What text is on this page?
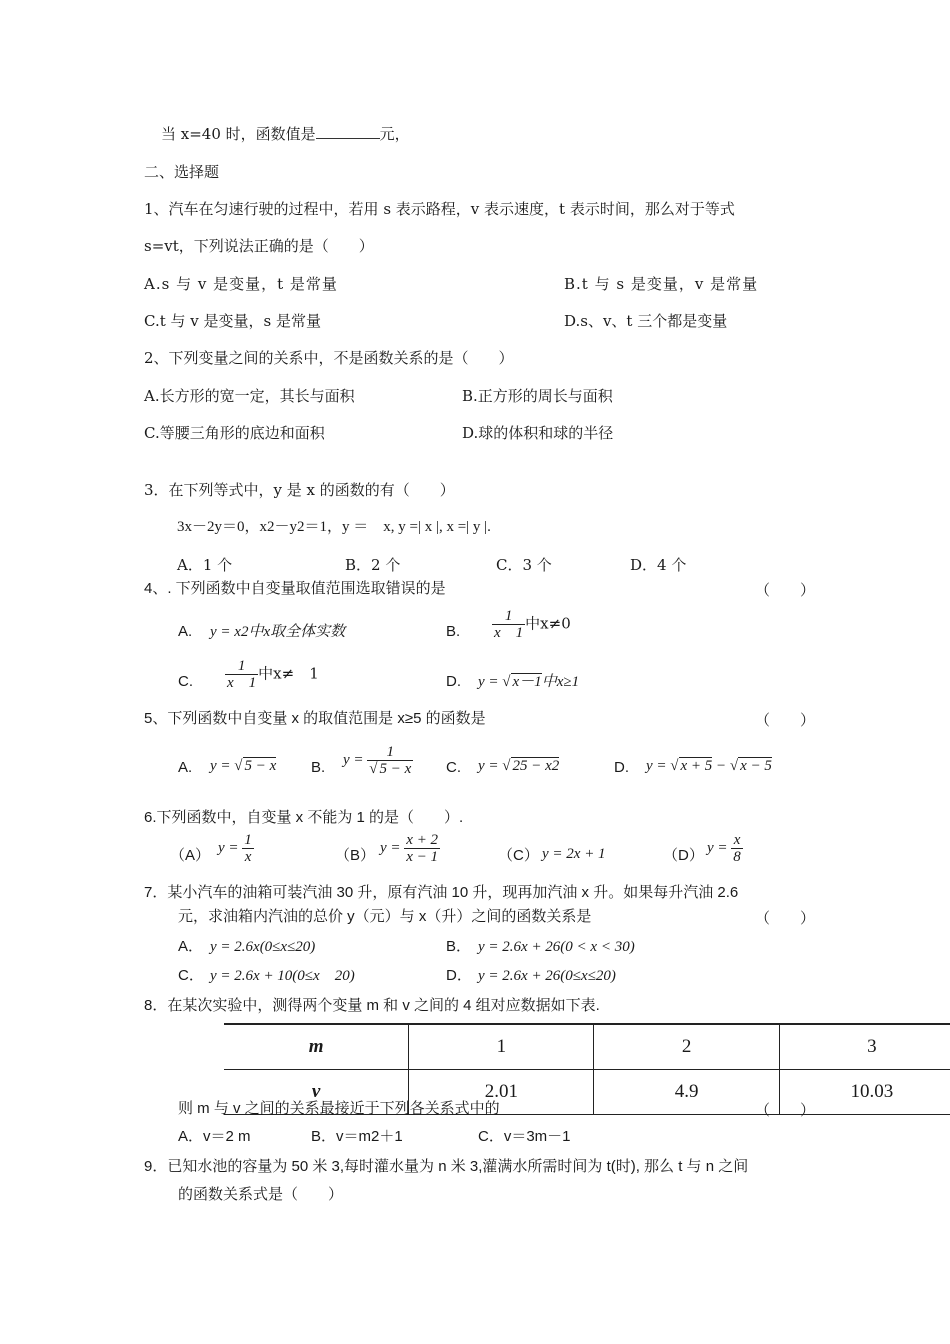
当 x=40 时，函数值是	元，
二、选择题
1、汽车在匀速行驶的过程中，若用 s 表示路程，v 表示速度，t 表示时间，那么对于等式
s=vt，下列说法正确的是（　　）
A.s 与 v 是变量，t 是常量	B.t 与 s 是变量，v 是常量
C.t 与 v 是变量，s 是常量	D.s、v、t 三个都是变量
2、下列变量之间的关系中，不是函数关系的是（　　）
A.长方形的宽一定，其长与面积	B.正方形的周长与面积
C.等腰三角形的底边和面积	D.球的体积和球的半径
3．在下列等式中，y 是 x 的函数的有（　　）
3x－2y＝0，x2－y2＝1，y ＝　x, y =| x |, x =| y |.
A．1 个	B．2 个	C．3 个	D．4 个
4、. 下列函数中自变量取值范围选取错误的是	（　　）
A. y = x2中x取全体实数	B. $\frac{1}{x 1}$ 中x≠0
C. $\frac{1}{x 1}$ 中x≠　1	D. y = √ x－1中x≥1
5、下列函数中自变量 x 的取值范围是 x≥5 的函数是	（　　）
A. y = √ 5 − x B. $y = \frac{1}{√ 5 - x} C$. y = √ 25 − x2	D. y = √ x + 5 − √ x − 5
6.下列函数中，自变量 x 不能为 1 的是（　　）.
（A） $y = \frac{1}{x}$	（B） $y = \frac{x + 2}{x - 1}$	（C） y = 2x + 1	（D） $y = \frac{x}{8}$
7．某小汽车的油箱可装汽油 30 升，原有汽油 10 升，现再加汽油 x 升。如果每升汽油 2.6
元，求油箱内汽油的总价 y（元）与 x（升）之间的函数关系是	（　　）
A． y = 2.6x(0≤x≤20)	B． y = 2.6x + 26(0 < x < 30)
C． y = 2.6x + 10(0≤x　20)	D． y = 2.6x + 26(0≤x≤20)
8．在某次实验中，测得两个变量 m 和 v 之间的 4 组对应数据如下表.
m	1	2	3
v	2.01	4.9	10.03
则 m 与 v 之间的关系最接近于下列各关系式中的	（　　）
A．v＝2 m	B．v＝m2＋1	C．v＝3m－1
9．已知水池的容量为 50 米 3,每时灌水量为 n 米 3,灌满水所需时间为 t(时), 那么 t 与 n 之间
的函数关系式是（　　）
